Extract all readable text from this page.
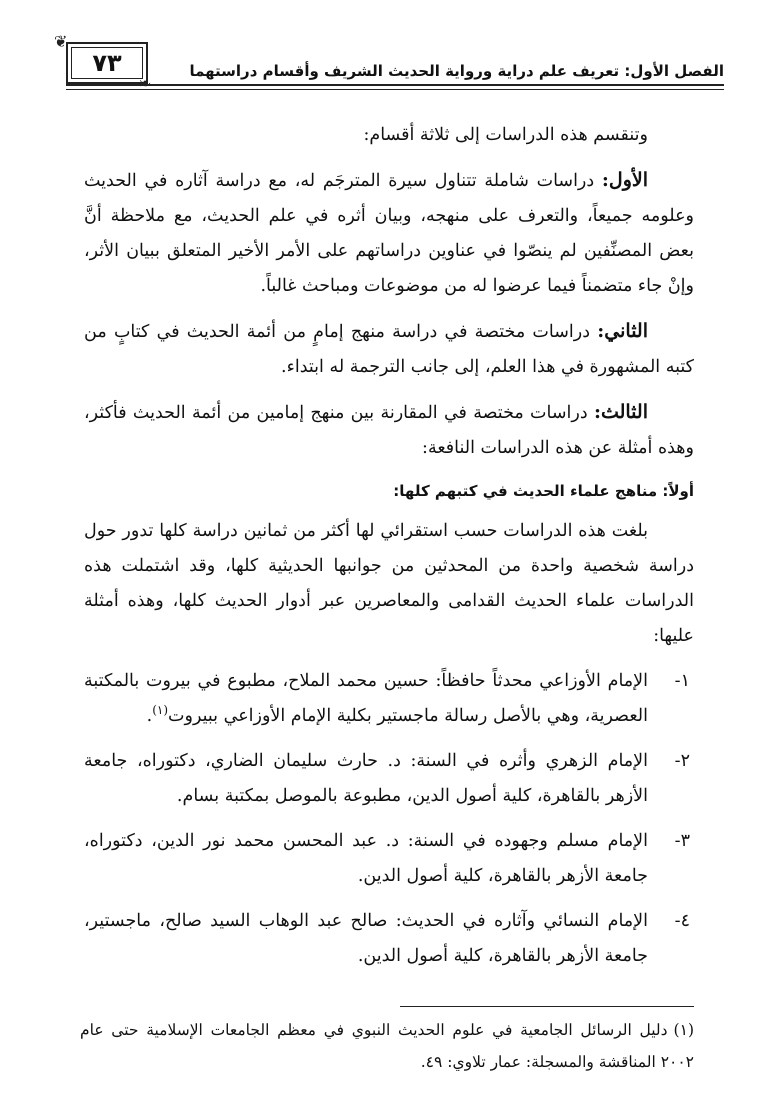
الفصل الأول: تعريف علم دراية ورواية الحديث الشريف وأقسام دراستهما
٧٣
❦
❧

وتنقسم هذه الدراسات إلى ثلاثة أقسام:

الأول: دراسات شاملة تتناول سيرة المترجَم له، مع دراسة آثاره في الحديث وعلومه جميعاً، والتعرف على منهجه، وبيان أثره في علم الحديث، مع ملاحظة أنَّ بعض المصنِّفين لم ينصّوا في عناوين دراساتهم على الأمر الأخير المتعلق ببيان الأثر، وإنْ جاء متضمناً فيما عرضوا له من موضوعات ومباحث غالباً.

الثاني: دراسات مختصة في دراسة منهج إمامٍ من أئمة الحديث في كتابٍ من كتبه المشهورة في هذا العلم، إلى جانب الترجمة له ابتداء.

الثالث: دراسات مختصة في المقارنة بين منهج إمامين من أئمة الحديث فأكثر، وهذه أمثلة عن هذه الدراسات النافعة:

أولاً: مناهج علماء الحديث في كتبهم كلها:

بلغت هذه الدراسات حسب استقرائي لها أكثر من ثمانين دراسة كلها تدور حول دراسة شخصية واحدة من المحدثين من جوانبها الحديثية كلها، وقد اشتملت هذه الدراسات علماء الحديث القدامى والمعاصرين عبر أدوار الحديث كلها، وهذه أمثلة عليها:

١-
الإمام الأوزاعي محدثاً حافظاً: حسين محمد الملاح، مطبوع في بيروت بالمكتبة العصرية، وهي بالأصل رسالة ماجستير بكلية الإمام الأوزاعي ببيروت$^{(١)}$.
٢-
الإمام الزهري وأثره في السنة: د. حارث سليمان الضاري، دكتوراه، جامعة الأزهر بالقاهرة، كلية أصول الدين، مطبوعة بالموصل بمكتبة بسام.
٣-
الإمام مسلم وجهوده في السنة: د. عبد المحسن محمد نور الدين، دكتوراه، جامعة الأزهر بالقاهرة، كلية أصول الدين.
٤-
الإمام النسائي وآثاره في الحديث: صالح عبد الوهاب السيد صالح، ماجستير، جامعة الأزهر بالقاهرة، كلية أصول الدين.
(١)دليل الرسائل الجامعية في علوم الحديث النبوي في معظم الجامعات الإسلامية حتى عام ٢٠٠٢ المناقشة والمسجلة: عمار تلاوي: ٤٩.
